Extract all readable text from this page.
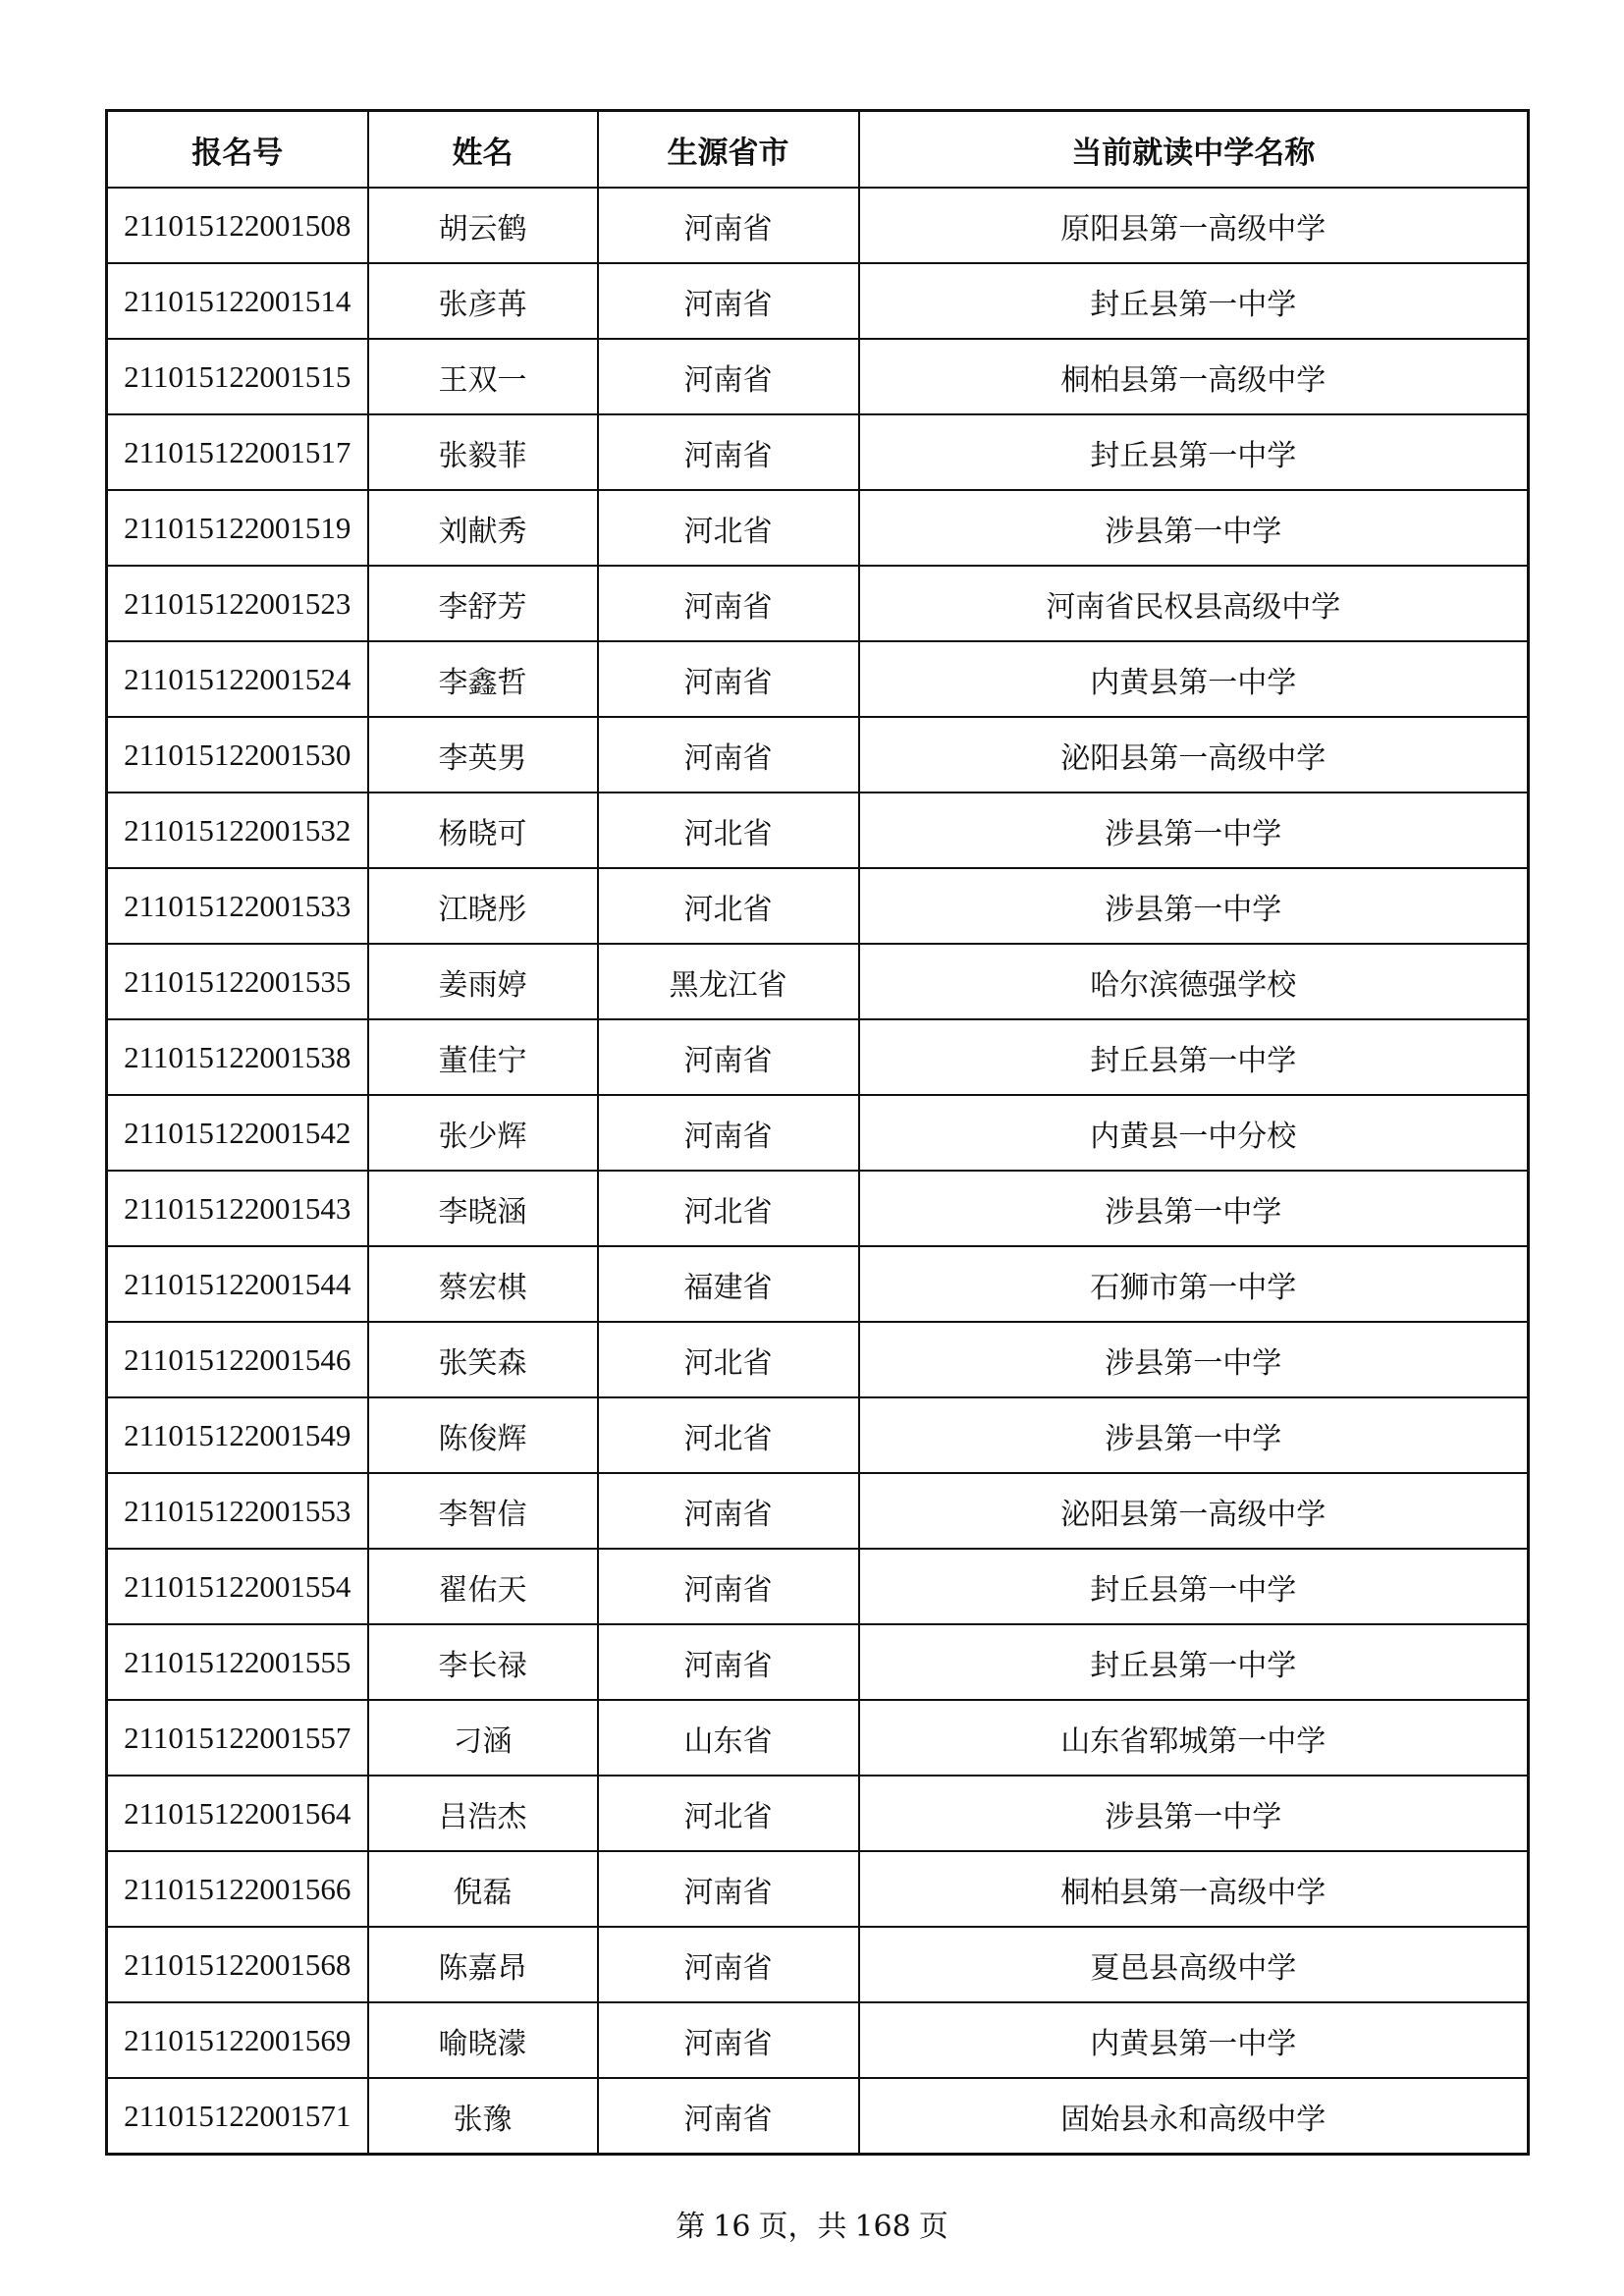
报名号	姓名	生源省市	当前就读中学名称
211015122001508	胡云鹤	河南省	原阳县第一高级中学
211015122001514	张彦苒	河南省	封丘县第一中学
211015122001515	王双一	河南省	桐柏县第一高级中学
211015122001517	张毅菲	河南省	封丘县第一中学
211015122001519	刘献秀	河北省	涉县第一中学
211015122001523	李舒芳	河南省	河南省民权县高级中学
211015122001524	李鑫哲	河南省	内黄县第一中学
211015122001530	李英男	河南省	泌阳县第一高级中学
211015122001532	杨晓可	河北省	涉县第一中学
211015122001533	江晓彤	河北省	涉县第一中学
211015122001535	姜雨婷	黑龙江省	哈尔滨德强学校
211015122001538	董佳宁	河南省	封丘县第一中学
211015122001542	张少辉	河南省	内黄县一中分校
211015122001543	李晓涵	河北省	涉县第一中学
211015122001544	蔡宏棋	福建省	石狮市第一中学
211015122001546	张笑森	河北省	涉县第一中学
211015122001549	陈俊辉	河北省	涉县第一中学
211015122001553	李智信	河南省	泌阳县第一高级中学
211015122001554	翟佑天	河南省	封丘县第一中学
211015122001555	李长禄	河南省	封丘县第一中学
211015122001557	刁涵	山东省	山东省郓城第一中学
211015122001564	吕浩杰	河北省	涉县第一中学
211015122001566	倪磊	河南省	桐柏县第一高级中学
211015122001568	陈嘉昂	河南省	夏邑县高级中学
211015122001569	喻晓濛	河南省	内黄县第一中学
211015122001571	张豫	河南省	固始县永和高级中学
第 16 页，共 168 页
